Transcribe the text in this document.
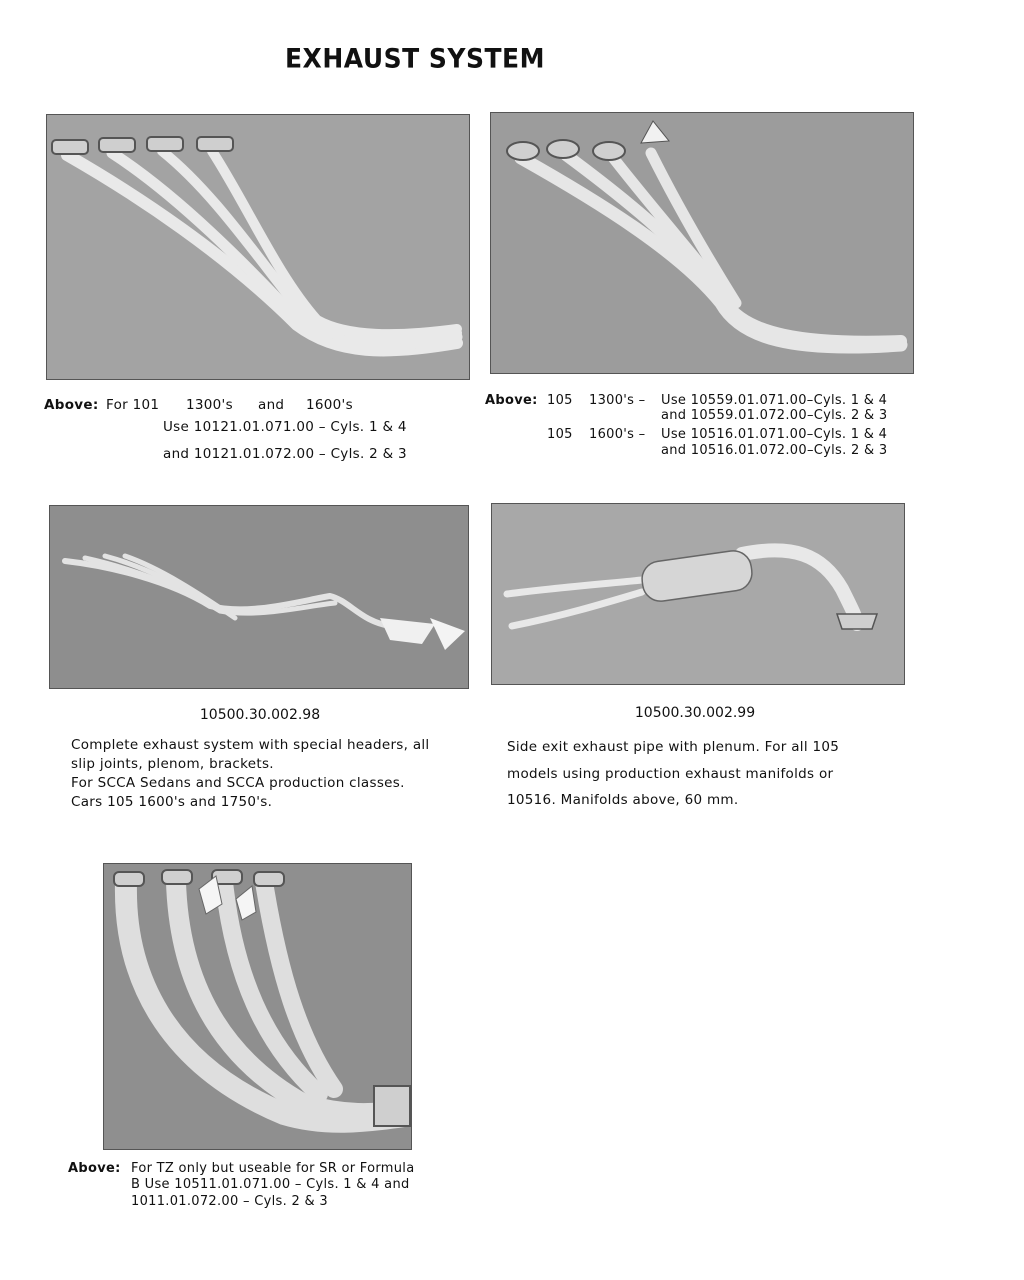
EXHAUST SYSTEM
Above: For 101 1300's and 1600's
Use 10121.01.071.00 – Cyls. 1 & 4
and 10121.01.072.00 – Cyls. 2 & 3
Above: 105 1300's – Use 10559.01.071.00–Cyls. 1 & 4
and 10559.01.072.00–Cyls. 2 & 3
105 1600's – Use 10516.01.071.00–Cyls. 1 & 4
and 10516.01.072.00–Cyls. 2 & 3
10500.30.002.98	10500.30.002.99
Complete exhaust system with special headers, all
slip joints, plenom, brackets.
For SCCA Sedans and SCCA production classes.
Cars 105 1600's and 1750's.
Side exit exhaust pipe with plenum. For all 105
models using production exhaust manifolds or
10516. Manifolds above, 60 mm.
Above: For TZ only but useable for SR or Formula
B Use 10511.01.071.00 – Cyls. 1 & 4 and
1011.01.072.00 – Cyls. 2 & 3
